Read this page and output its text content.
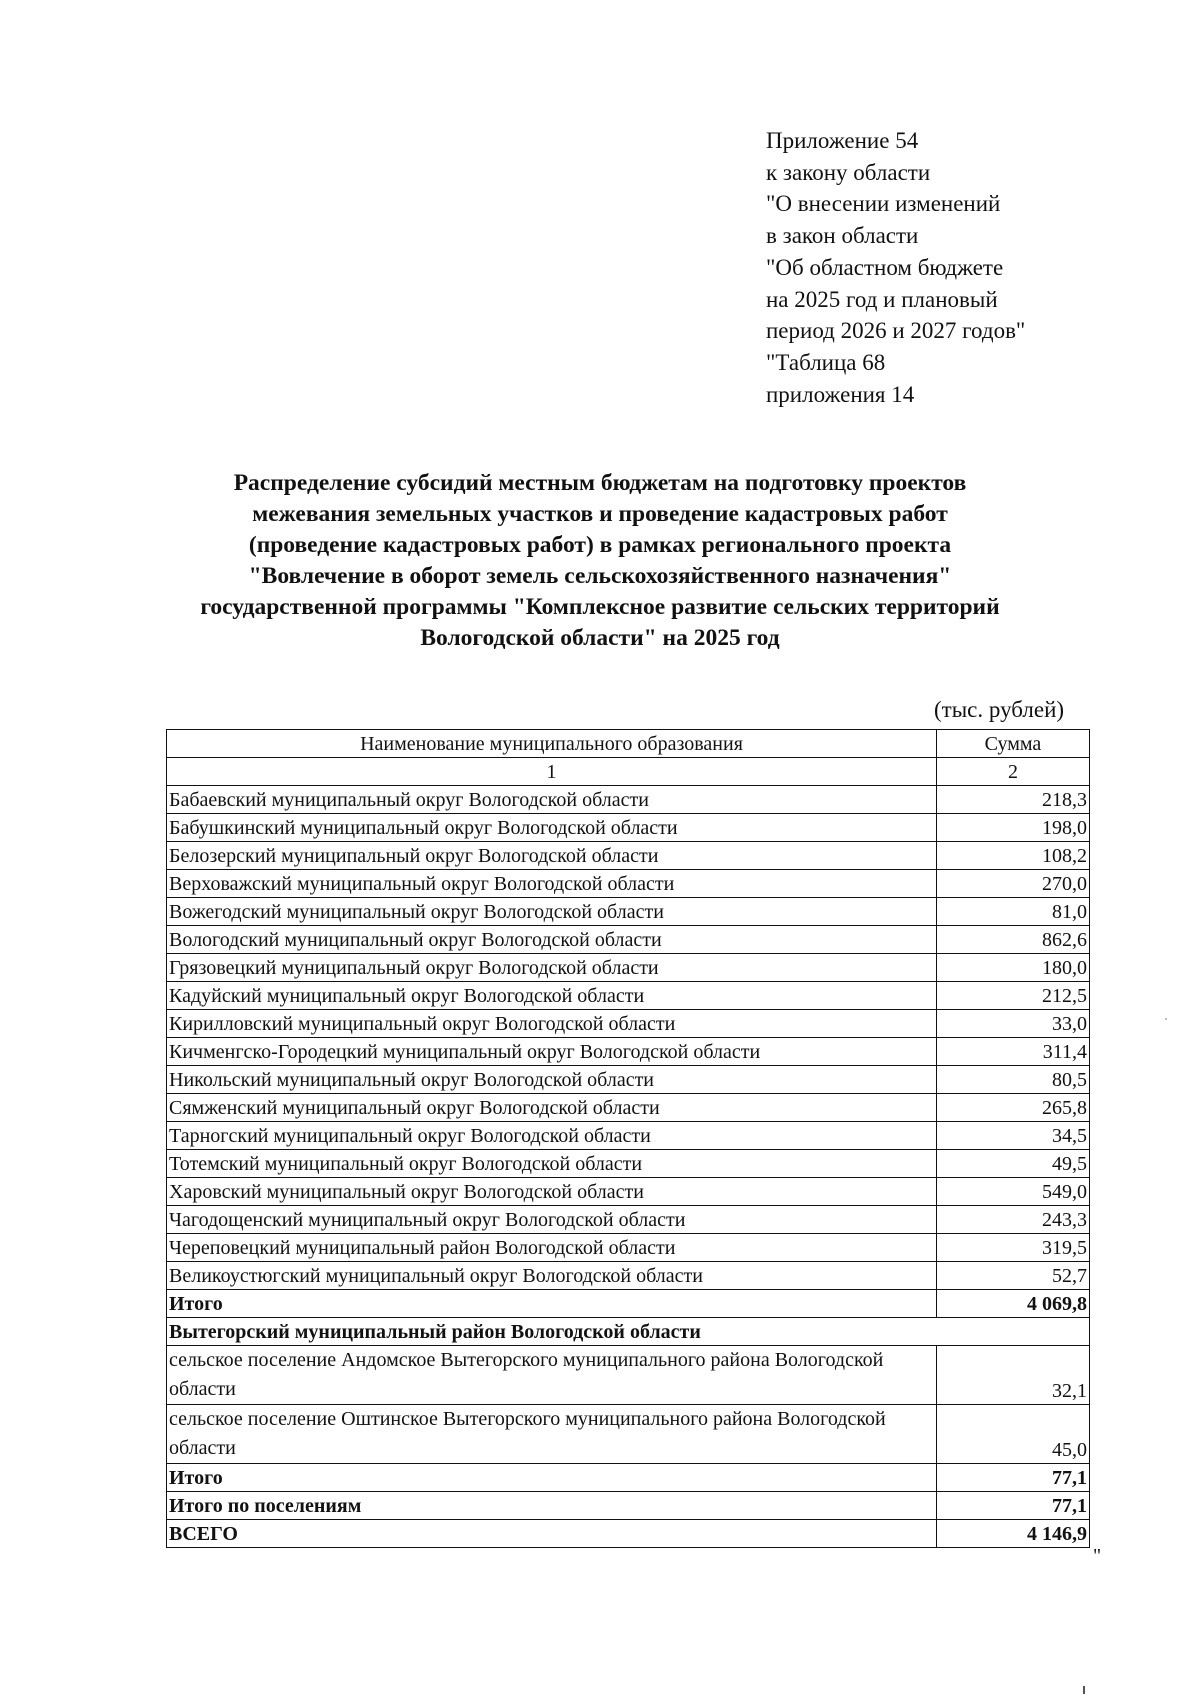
Приложение 54
к закону области
"О внесении изменений
в закон области
"Об областном бюджете
на 2025 год и плановый
период 2026 и 2027 годов"
"Таблица 68
приложения 14
Распределение субсидий местным бюджетам на подготовку проектов
межевания земельных участков и проведение кадастровых работ
(проведение кадастровых работ) в рамках регионального проекта
"Вовлечение в оборот земель сельскохозяйственного назначения"
государственной программы "Комплексное развитие сельских территорий
Вологодской области" на 2025 год
(тыс. рублей)
Наименование муниципального образования	Сумма
1	2
Бабаевский муниципальный округ Вологодской области	218,3
Бабушкинский муниципальный округ Вологодской области	198,0
Белозерский муниципальный округ Вологодской области	108,2
Верховажский муниципальный округ Вологодской области	270,0
Вожегодский муниципальный округ Вологодской области	81,0
Вологодский муниципальный округ Вологодской области	862,6
Грязовецкий муниципальный округ Вологодской области	180,0
Кадуйский муниципальный округ Вологодской области	212,5
Кирилловский муниципальный округ Вологодской области	33,0
Кичменгско-Городецкий муниципальный округ Вологодской области	311,4
Никольский муниципальный округ Вологодской области	80,5
Сямженский муниципальный округ Вологодской области	265,8
Тарногский муниципальный округ Вологодской области	34,5
Тотемский муниципальный округ Вологодской области	49,5
Харовский муниципальный округ Вологодской области	549,0
Чагодощенский муниципальный округ Вологодской области	243,3
Череповецкий муниципальный район Вологодской области	319,5
Великоустюгский муниципальный округ Вологодской области	52,7
Итого	4 069,8
Вытегорский муниципальный район Вологодской области	
сельское поселение Андомское Вытегорского муниципального района Вологодской области	32,1
сельское поселение Оштинское Вытегорского муниципального района Вологодской области	45,0
Итого	77,1
Итого по поселениям	77,1
ВСЕГО	4 146,9
"
